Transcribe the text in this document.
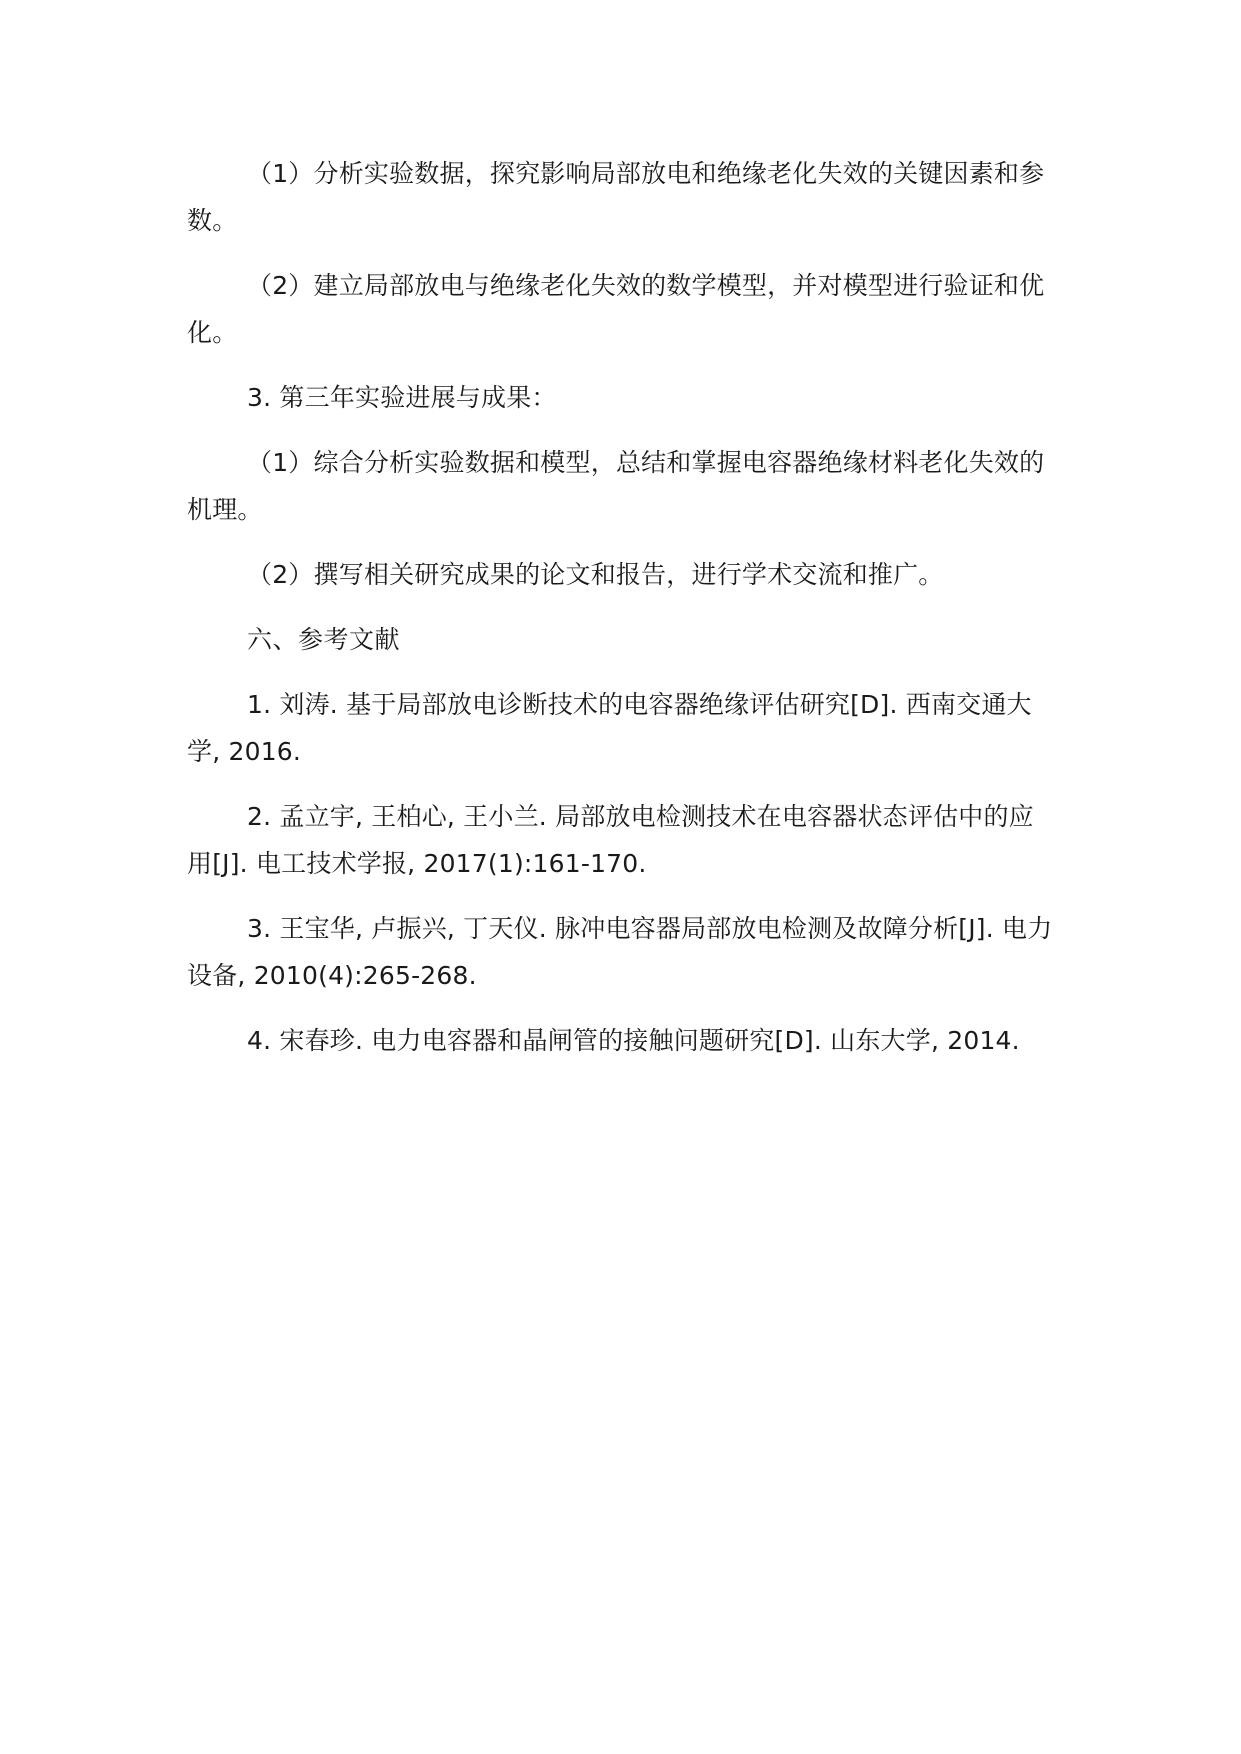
（1）分析实验数据，探究影响局部放电和绝缘老化失效的关键因素和参数。

（2）建立局部放电与绝缘老化失效的数学模型，并对模型进行验证和优化。

3. 第三年实验进展与成果：

（1）综合分析实验数据和模型，总结和掌握电容器绝缘材料老化失效的机理。

（2）撰写相关研究成果的论文和报告，进行学术交流和推广。

六、参考文献

1. 刘涛. 基于局部放电诊断技术的电容器绝缘评估研究[D]. 西南交通大学, 2016.

2. 孟立宇, 王柏心, 王小兰. 局部放电检测技术在电容器状态评估中的应用[J]. 电工技术学报, 2017(1):161-170.

3. 王宝华, 卢振兴, 丁天仪. 脉冲电容器局部放电检测及故障分析[J]. 电力设备, 2010(4):265-268.

4. 宋春珍. 电力电容器和晶闸管的接触问题研究[D]. 山东大学, 2014.
